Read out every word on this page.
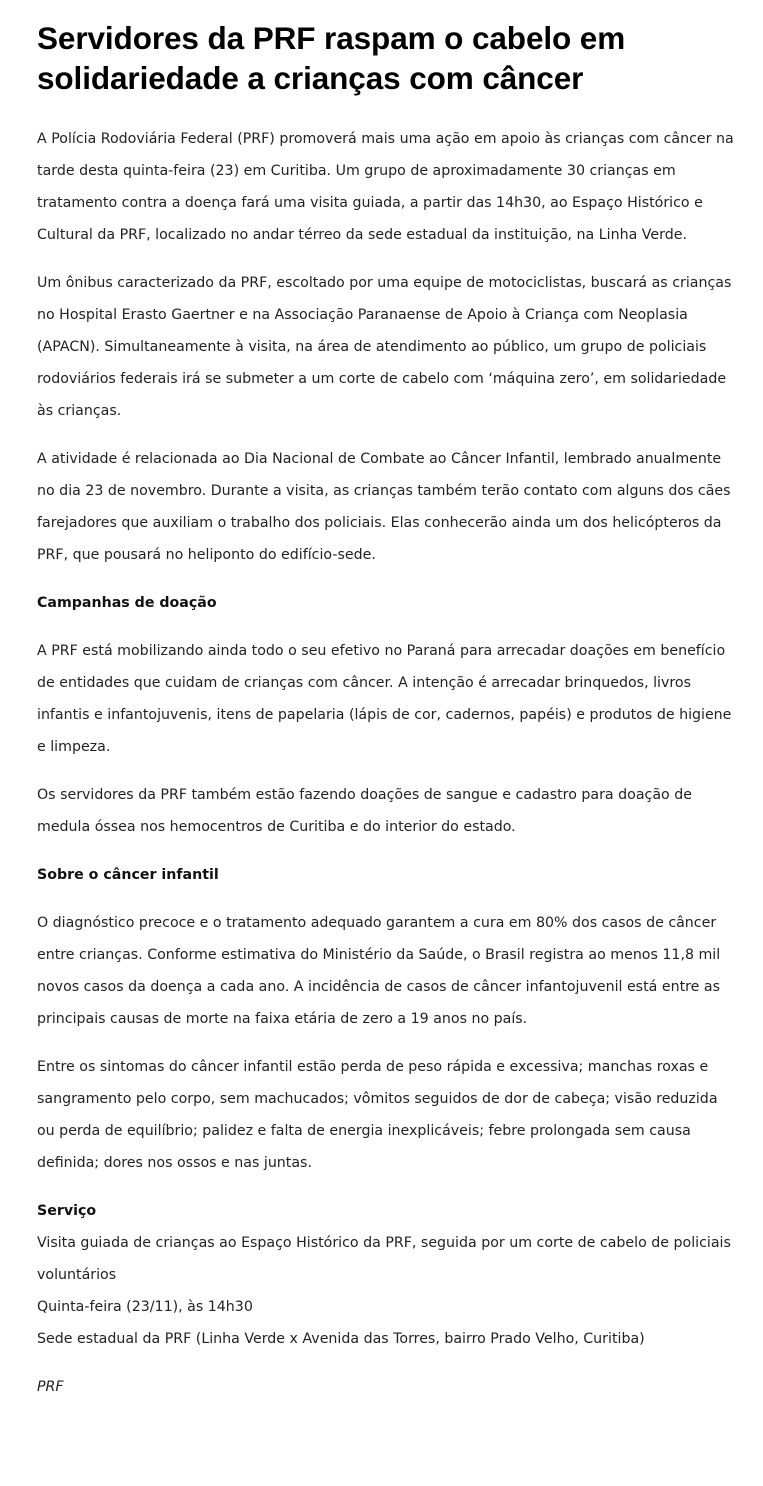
Servidores da PRF raspam o cabelo em
solidariedade a crianças com câncer

A Polícia Rodoviária Federal (PRF) promoverá mais uma ação em apoio às crianças com câncer na tarde desta quinta-feira (23) em Curitiba. Um grupo de aproximadamente 30 crianças em tratamento contra a doença fará uma visita guiada, a partir das 14h30, ao Espaço Histórico e Cultural da PRF, localizado no andar térreo da sede estadual da instituição, na Linha Verde.

Um ônibus caracterizado da PRF, escoltado por uma equipe de motociclistas, buscará as crianças no Hospital Erasto Gaertner e na Associação Paranaense de Apoio à Criança com Neoplasia (APACN). Simultaneamente à visita, na área de atendimento ao público, um grupo de policiais rodoviários federais irá se submeter a um corte de cabelo com ‘máquina zero’, em solidariedade às crianças.

A atividade é relacionada ao Dia Nacional de Combate ao Câncer Infantil, lembrado anualmente no dia 23 de novembro. Durante a visita, as crianças também terão contato com alguns dos cães farejadores que auxiliam o trabalho dos policiais. Elas conhecerão ainda um dos helicópteros da PRF, que pousará no heliponto do edifício-sede.

Campanhas de doação

A PRF está mobilizando ainda todo o seu efetivo no Paraná para arrecadar doações em benefício de entidades que cuidam de crianças com câncer. A intenção é arrecadar brinquedos, livros infantis e infantojuvenis, itens de papelaria (lápis de cor, cadernos, papéis) e produtos de higiene e limpeza.

Os servidores da PRF também estão fazendo doações de sangue e cadastro para doação de medula óssea nos hemocentros de Curitiba e do interior do estado.

Sobre o câncer infantil

O diagnóstico precoce e o tratamento adequado garantem a cura em 80% dos casos de câncer entre crianças. Conforme estimativa do Ministério da Saúde, o Brasil registra ao menos 11,8 mil novos casos da doença a cada ano. A incidência de casos de câncer infantojuvenil está entre as principais causas de morte na faixa etária de zero a 19 anos no país.

Entre os sintomas do câncer infantil estão perda de peso rápida e excessiva; manchas roxas e sangramento pelo corpo, sem machucados; vômitos seguidos de dor de cabeça; visão reduzida ou perda de equilíbrio; palidez e falta de energia inexplicáveis; febre prolongada sem causa definida; dores nos ossos e nas juntas.

Serviço
Visita guiada de crianças ao Espaço Histórico da PRF, seguida por um corte de cabelo de policiais voluntários
Quinta-feira (23/11), às 14h30
Sede estadual da PRF (Linha Verde x Avenida das Torres, bairro Prado Velho, Curitiba)

PRF
